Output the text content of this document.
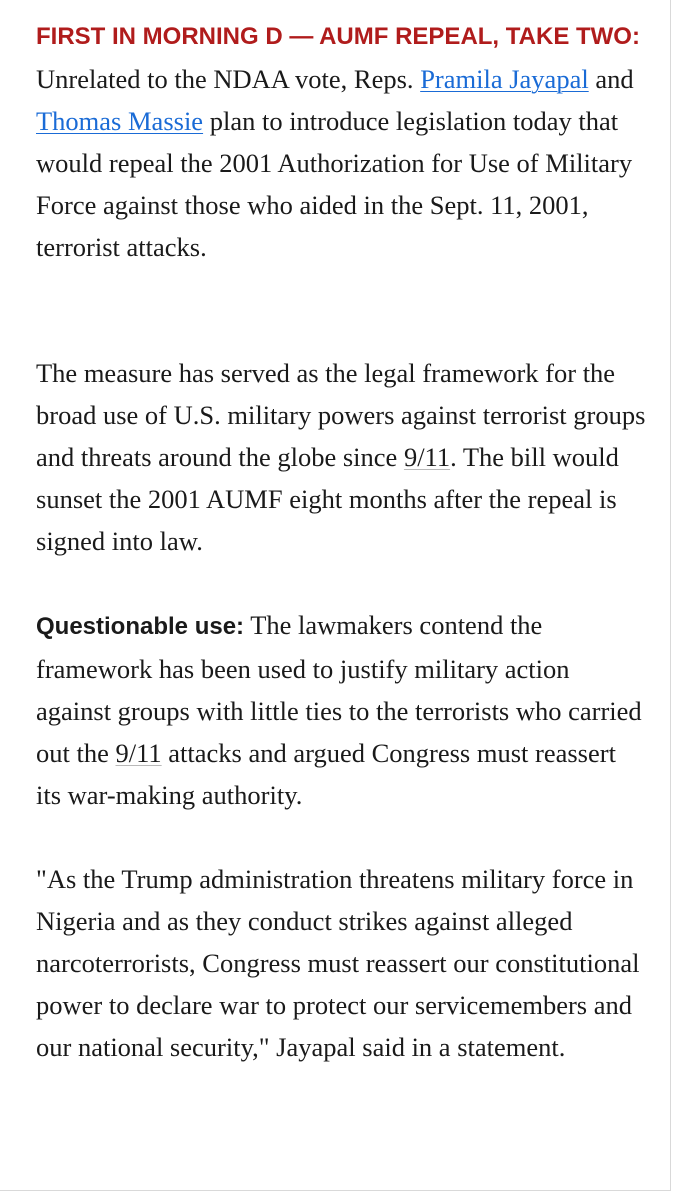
FIRST IN MORNING D — AUMF REPEAL, TAKE TWO: Unrelated to the NDAA vote, Reps. Pramila Jayapal and Thomas Massie plan to introduce legislation today that would repeal the 2001 Authorization for Use of Military Force against those who aided in the Sept. 11, 2001, terrorist attacks.

The measure has served as the legal framework for the broad use of U.S. military powers against terrorist groups and threats around the globe since 9/11. The bill would sunset the 2001 AUMF eight months after the repeal is signed into law.

Questionable use: The lawmakers contend the framework has been used to justify military action against groups with little ties to the terrorists who carried out the 9/11 attacks and argued Congress must reassert its war-making authority.

"As the Trump administration threatens military force in Nigeria and as they conduct strikes against alleged narcoterrorists, Congress must reassert our constitutional power to declare war to protect our servicemembers and our national security," Jayapal said in a statement.
